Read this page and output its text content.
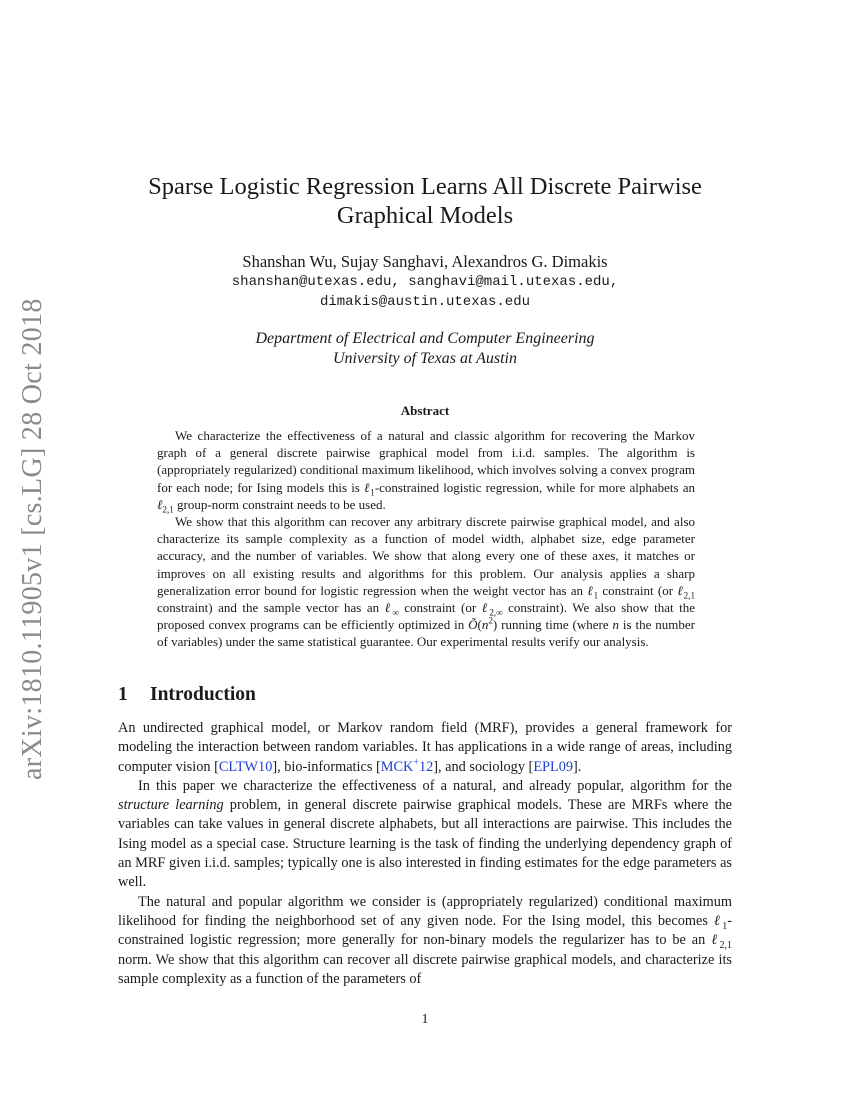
arXiv:1810.11905v1 [cs.LG] 28 Oct 2018
Sparse Logistic Regression Learns All Discrete Pairwise
Graphical Models
Shanshan Wu, Sujay Sanghavi, Alexandros G. Dimakis
shanshan@utexas.edu, sanghavi@mail.utexas.edu,
dimakis@austin.utexas.edu
Department of Electrical and Computer Engineering
University of Texas at Austin
Abstract

We characterize the effectiveness of a natural and classic algorithm for recovering the Markov graph of a general discrete pairwise graphical model from i.i.d. samples. The algorithm is (appropriately regularized) conditional maximum likelihood, which involves solving a convex program for each node; for Ising models this is ℓ$_1$-constrained logistic regression, while for more alphabets an ℓ$_{2,1}$ group-norm constraint needs to be used.

We show that this algorithm can recover any arbitrary discrete pairwise graphical model, and also characterize its sample complexity as a function of model width, alphabet size, edge parameter accuracy, and the number of variables. We show that along every one of these axes, it matches or improves on all existing results and algorithms for this problem. Our analysis applies a sharp generalization error bound for logistic regression when the weight vector has an ℓ$_1$ constraint (or ℓ$_{2,1}$ constraint) and the sample vector has an ℓ$_\infty$ constraint (or ℓ$_{2,\infty}$ constraint). We also show that the proposed convex programs can be efficiently optimized in $Õ(n^2)$ running time (where n is the number of variables) under the same statistical guarantee. Our experimental results verify our analysis.

1 Introduction

An undirected graphical model, or Markov random field (MRF), provides a general framework for modeling the interaction between random variables. It has applications in a wide range of areas, including computer vision [CLTW10], bio-informatics [MCK+12], and sociology [EPL09].

In this paper we characterize the effectiveness of a natural, and already popular, algorithm for the structure learning problem, in general discrete pairwise graphical models. These are MRFs where the variables can take values in general discrete alphabets, but all interactions are pairwise. This includes the Ising model as a special case. Structure learning is the task of finding the underlying dependency graph of an MRF given i.i.d. samples; typically one is also interested in finding estimates for the edge parameters as well.

The natural and popular algorithm we consider is (appropriately regularized) conditional maximum likelihood for finding the neighborhood set of any given node. For the Ising model, this becomes ℓ$_1$-constrained logistic regression; more generally for non-binary models the regularizer has to be an ℓ$_{2,1}$ norm. We show that this algorithm can recover all discrete pairwise graphical models, and characterize its sample complexity as a function of the parameters of

1
